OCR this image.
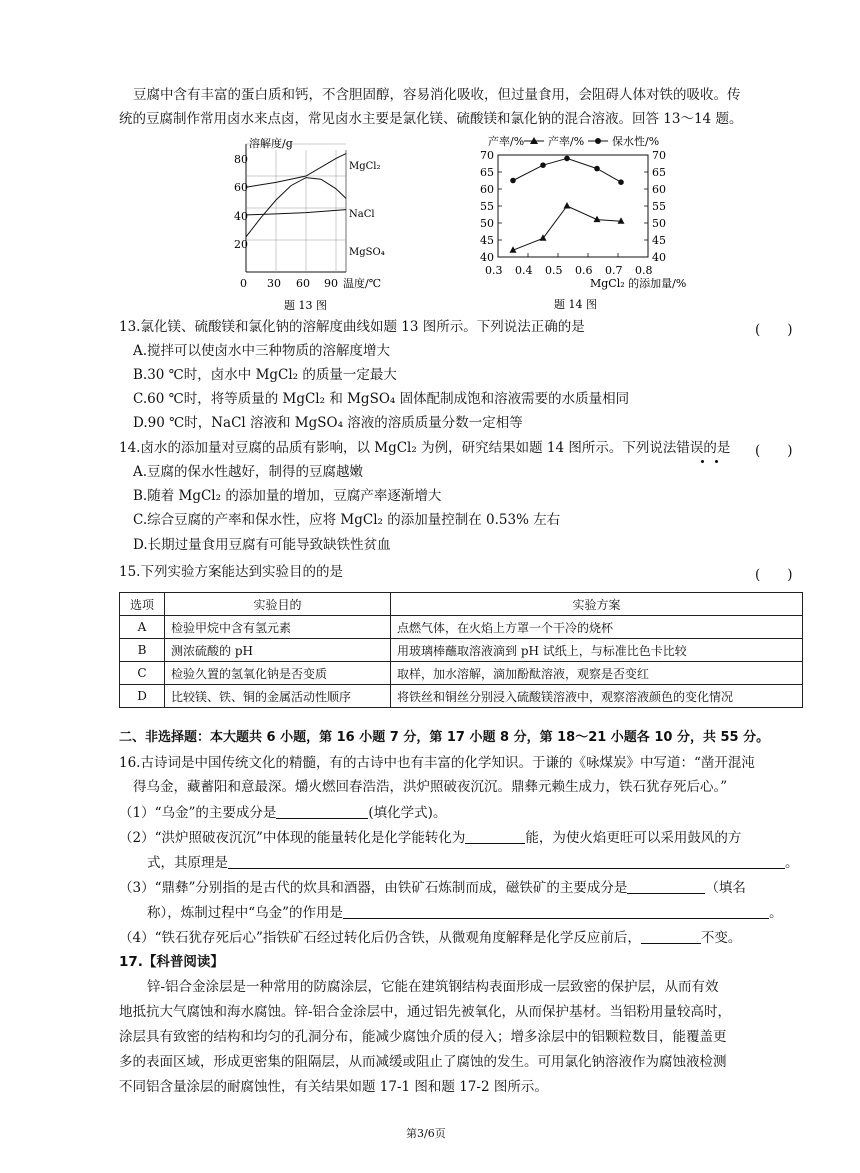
豆腐中含有丰富的蛋白质和钙，不含胆固醇，容易消化吸收，但过量食用，会阻碍人体对铁的吸收。传
统的豆腐制作常用卤水来点卤，常见卤水主要是氯化镁、硫酸镁和氯化钠的混合溶液。回答 13～14 题。
溶解度/g
80
60
40
20
0 30 60 90 温度/℃
MgCl₂
NaCl
MgSO₄
题 13 图
产率/% 产率/%	保水性/%
70
65
60
55
50
45
40
70
65
60
55
50
45
40
0.3 0.4 0.5 0.6 0.7 0.8
MgCl₂ 的添加量/%
题 14 图
13.氯化镁、硫酸镁和氯化钠的溶解度曲线如题 13 图所示。下列说法正确的是	(　　)
A.搅拌可以使卤水中三种物质的溶解度增大
B.30 ℃时，卤水中 MgCl₂ 的质量一定最大
C.60 ℃时，将等质量的 MgCl₂ 和 MgSO₄ 固体配制成饱和溶液需要的水质量相同
D.90 ℃时，NaCl 溶液和 MgSO₄ 溶液的溶质质量分数一定相等
14.卤水的添加量对豆腐的品质有影响，以 MgCl₂ 为例，研究结果如题 14 图所示。下列说法错误的是 (　　)
A.豆腐的保水性越好，制得的豆腐越嫩
B.随着 MgCl₂ 的添加量的增加，豆腐产率逐渐增大
C.综合豆腐的产率和保水性，应将 MgCl₂ 的添加量控制在 0.53% 左右
D.长期过量食用豆腐有可能导致缺铁性贫血
15.下列实验方案能达到实验目的的是	(　　)
选项	实验目的	实验方案
A	检验甲烷中含有氢元素	点燃气体，在火焰上方罩一个干冷的烧杯
B	测浓硫酸的 pH	用玻璃棒蘸取溶液滴到 pH 试纸上，与标准比色卡比较
C	检验久置的氢氧化钠是否变质	取样，加水溶解，滴加酚酞溶液，观察是否变红
D	比较镁、铁、铜的金属活动性顺序	将铁丝和铜丝分别浸入硫酸镁溶液中，观察溶液颜色的变化情况
二、非选择题：本大题共 6 小题，第 16 小题 7 分，第 17 小题 8 分，第 18～21 小题各 10 分，共 55 分。
16.古诗词是中国传统文化的精髓，有的古诗中也有丰富的化学知识。于谦的《咏煤炭》中写道：“凿开混沌
得乌金，藏蓄阳和意最深。爝火燃回春浩浩，洪炉照破夜沉沉。鼎彝元赖生成力，铁石犹存死后心。”
（1）“乌金”的主要成分是	(填化学式)。
（2）“洪炉照破夜沉沉”中体现的能量转化是化学能转化为	能，为使火焰更旺可以采用鼓风的方
式，其原理是	。
（3）“鼎彝”分别指的是古代的炊具和酒器，由铁矿石炼制而成，磁铁矿的主要成分是	（填名
称），炼制过程中“乌金”的作用是	。
（4）“铁石犹存死后心”指铁矿石经过转化后仍含铁，从微观角度解释是化学反应前后，	不变。
17.【科普阅读】
锌-铝合金涂层是一种常用的防腐涂层，它能在建筑钢结构表面形成一层致密的保护层，从而有效
地抵抗大气腐蚀和海水腐蚀。锌-铝合金涂层中，通过铝先被氧化，从而保护基材。当铝粉用量较高时，
涂层具有致密的结构和均匀的孔洞分布，能减少腐蚀介质的侵入；增多涂层中的铝颗粒数目，能覆盖更
多的表面区域，形成更密集的阻隔层，从而减缓或阻止了腐蚀的发生。可用氯化钠溶液作为腐蚀液检测
不同铝含量涂层的耐腐蚀性，有关结果如题 17-1 图和题 17-2 图所示。
第3/6页
